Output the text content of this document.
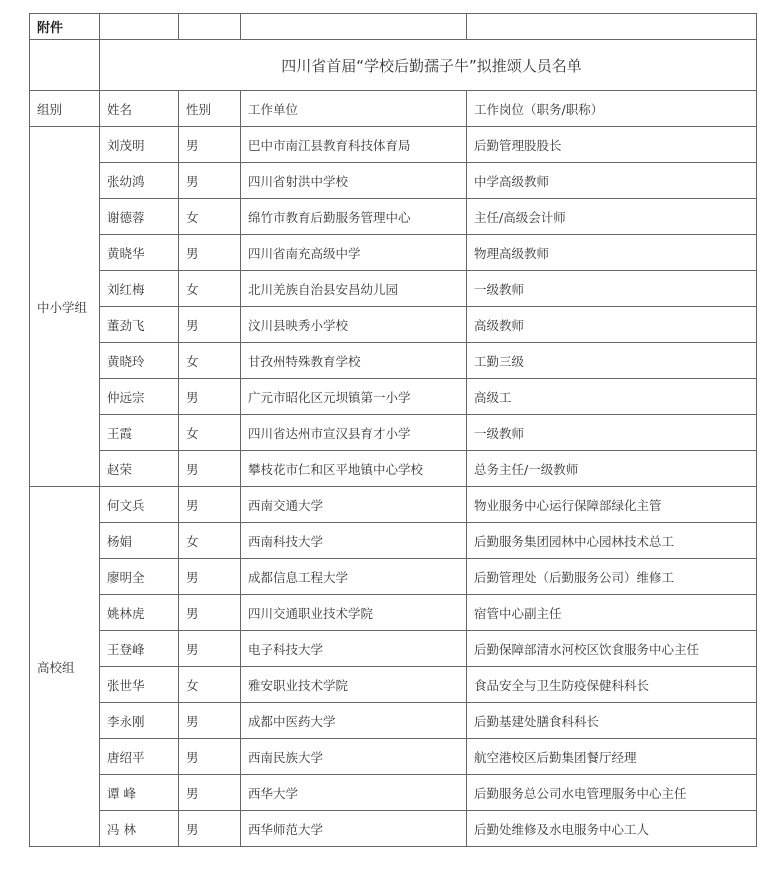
附件				
	四川省首届“学校后勤孺子牛”拟推颂人员名单			
组别	姓名	性别	工作单位	工作岗位（职务/职称）
中小学组	刘茂明	男	巴中市南江县教育科技体育局	后勤管理股股长
	张幼鸿	男	四川省射洪中学校	中学高级教师
	谢德蓉	女	绵竹市教育后勤服务管理中心	主任/高级会计师
	黄晓华	男	四川省南充高级中学	物理高级教师
	刘红梅	女	北川羌族自治县安昌幼儿园	一级教师
	董劲飞	男	汶川县映秀小学校	高级教师
	黄晓玲	女	甘孜州特殊教育学校	工勤三级
	仲远宗	男	广元市昭化区元坝镇第一小学	高级工
	王霞	女	四川省达州市宣汉县育才小学	一级教师
	赵荣	男	攀枝花市仁和区平地镇中心学校	总务主任/一级教师
高校组	何文兵	男	西南交通大学	物业服务中心运行保障部绿化主管
	杨娟	女	西南科技大学	后勤服务集团园林中心园林技术总工
	廖明全	男	成都信息工程大学	后勤管理处（后勤服务公司）维修工
	姚林虎	男	四川交通职业技术学院	宿管中心副主任
	王登峰	男	电子科技大学	后勤保障部清水河校区饮食服务中心主任
	张世华	女	雅安职业技术学院	食品安全与卫生防疫保健科科长
	李永刚	男	成都中医药大学	后勤基建处膳食科科长
	唐绍平	男	西南民族大学	航空港校区后勤集团餐厅经理
	谭 峰	男	西华大学	后勤服务总公司水电管理服务中心主任
	冯 林	男	西华师范大学	后勤处维修及水电服务中心工人
